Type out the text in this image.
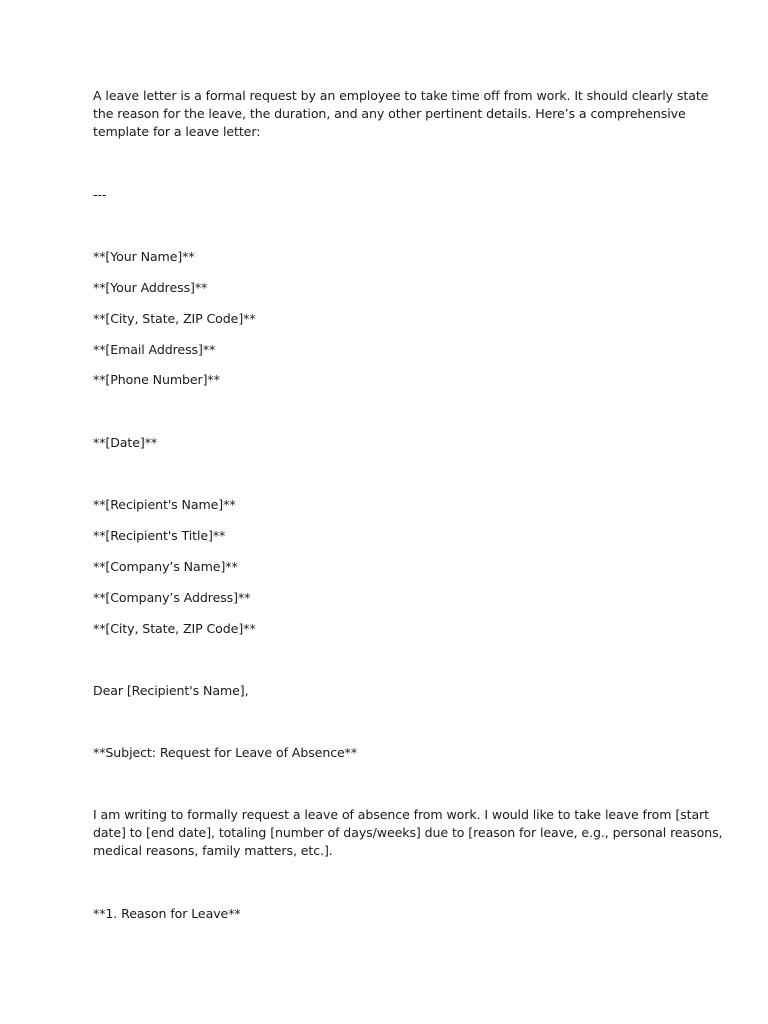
A leave letter is a formal request by an employee to take time off from work. It should clearly state
the reason for the leave, the duration, and any other pertinent details. Here’s a comprehensive
template for a leave letter:

---

**[Your Name]**

**[Your Address]**

**[City, State, ZIP Code]**

**[Email Address]**

**[Phone Number]**

**[Date]**

**[Recipient's Name]**

**[Recipient's Title]**

**[Company’s Name]**

**[Company’s Address]**

**[City, State, ZIP Code]**

Dear [Recipient's Name],

**Subject: Request for Leave of Absence**

I am writing to formally request a leave of absence from work. I would like to take leave from [start
date] to [end date], totaling [number of days/weeks] due to [reason for leave, e.g., personal reasons,
medical reasons, family matters, etc.].

**1. Reason for Leave**
